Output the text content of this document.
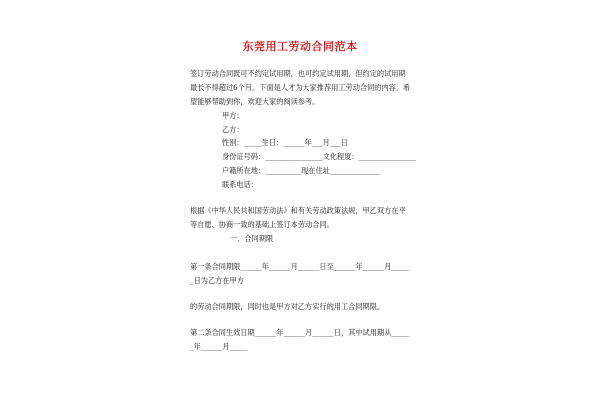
东莞用工劳动合同范本

签订劳动合同既可不约定试用期，也可约定试用期，但约定的试用期

最长不得超过6个月。下面是人才为大家推荐用工劳动合同的内容，希

望能够帮助到你，欢迎大家的阅读参考。

甲方：

乙方：

性别：_____生日：______年___月___日

身份证号码：________________文化程度：________________

户籍所在地：__________现在住址______________

联系电话：

根据《中华人民共和国劳动法》和有关劳动政策法规，甲乙双方在平

等自愿、协商一致的基础上签订本劳动合同。

一、合同期限

第一条合同期限______年______月______日至______年______月_____

_日为乙方在甲方

的劳动合同期限，同时也是甲方对乙方实行的用工合同期限。

第二条合同生效日期______年______月______日，其中试用期从_____

_年______月_____
